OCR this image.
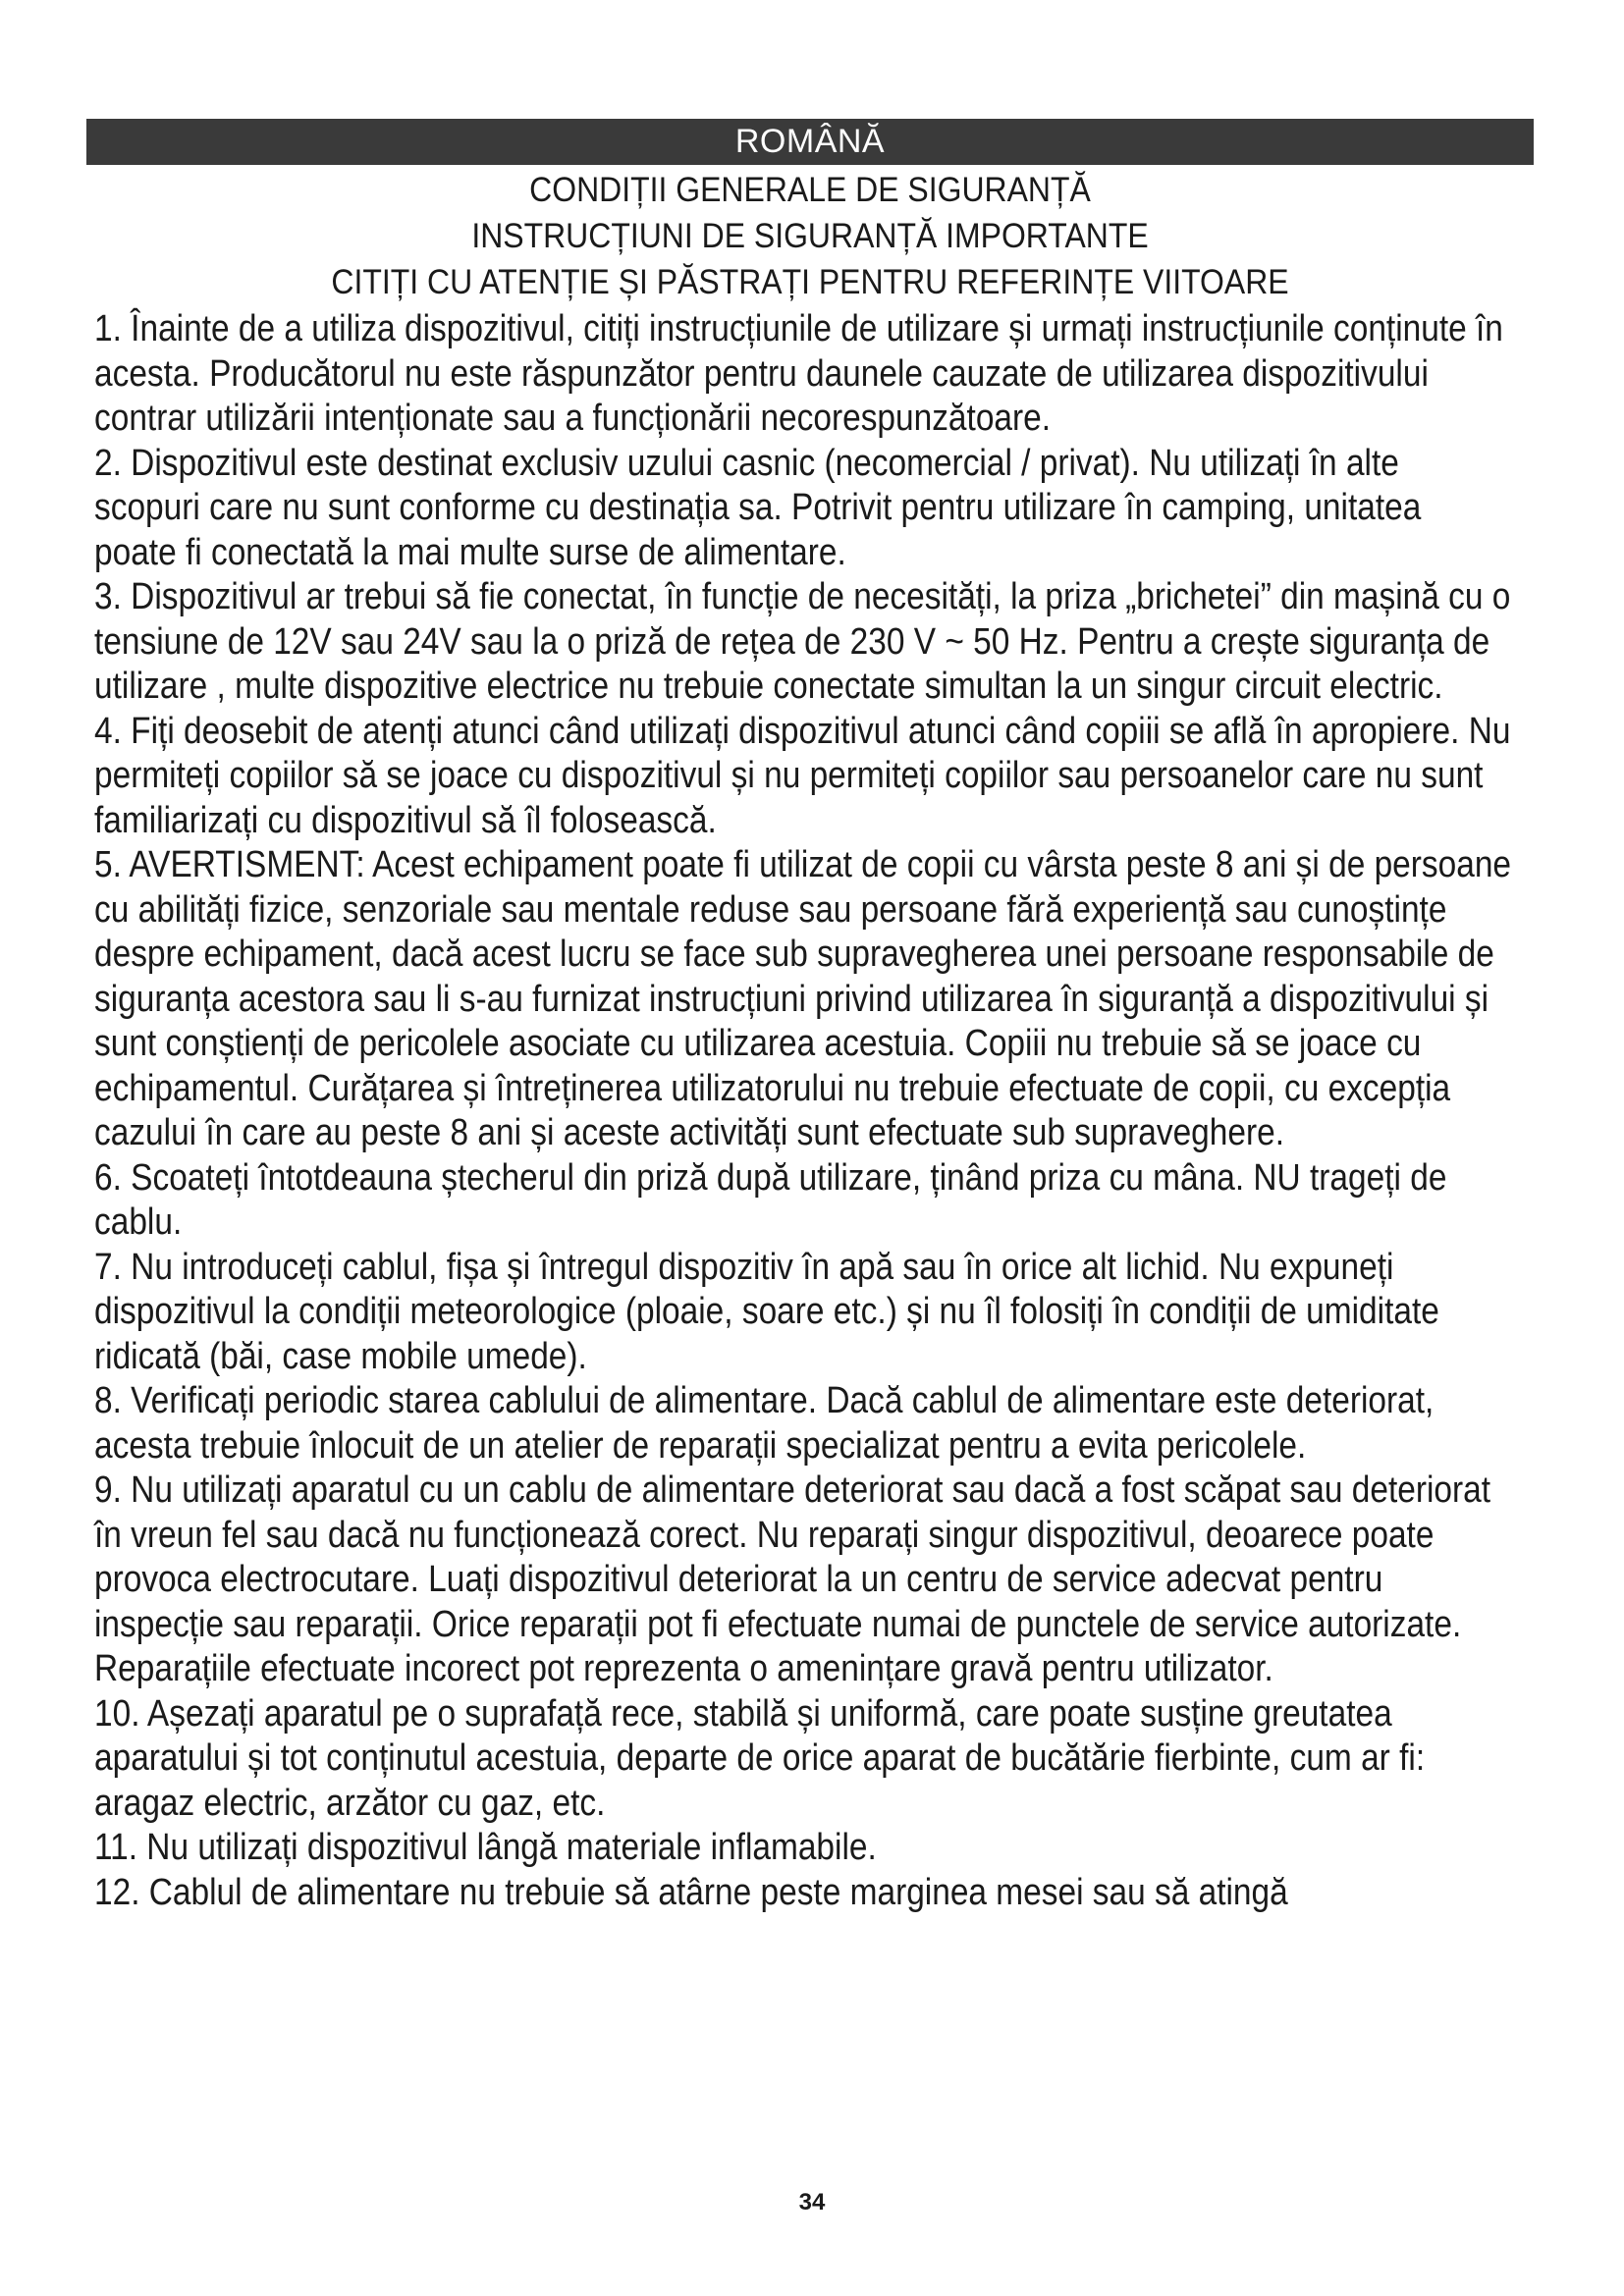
ROMÂNĂ
CONDIȚII GENERALE DE SIGURANȚĂ
INSTRUCȚIUNI DE SIGURANȚĂ IMPORTANTE
CITIȚI CU ATENȚIE ȘI PĂSTRAȚI PENTRU REFERINȚE VIITOARE

1. Înainte de a utiliza dispozitivul, citiți instrucțiunile de utilizare și urmați instrucțiunile conținute în acesta. Producătorul nu este răspunzător pentru daunele cauzate de utilizarea dispozitivului contrar utilizării intenționate sau a funcționării necorespunzătoare.

2. Dispozitivul este destinat exclusiv uzului casnic (necomercial / privat). Nu utilizați în alte scopuri care nu sunt conforme cu destinația sa. Potrivit pentru utilizare în camping, unitatea poate fi conectată la mai multe surse de alimentare.

3. Dispozitivul ar trebui să fie conectat, în funcție de necesități, la priza „brichetei” din mașină cu o tensiune de 12V sau 24V sau la o priză de rețea de 230 V ~ 50 Hz. Pentru a crește siguranța de utilizare , multe dispozitive electrice nu trebuie conectate simultan la un singur circuit electric.

4. Fiți deosebit de atenți atunci când utilizați dispozitivul atunci când copiii se află în apropiere. Nu permiteți copiilor să se joace cu dispozitivul și nu permiteți copiilor sau persoanelor care nu sunt familiarizați cu dispozitivul să îl folosească.

5. AVERTISMENT: Acest echipament poate fi utilizat de copii cu vârsta peste 8 ani și de persoane cu abilități fizice, senzoriale sau mentale reduse sau persoane fără experiență sau cunoștințe despre echipament, dacă acest lucru se face sub supravegherea unei persoane responsabile de siguranța acestora sau li s-au furnizat instrucțiuni privind utilizarea în siguranță a dispozitivului și sunt conștienți de pericolele asociate cu utilizarea acestuia. Copiii nu trebuie să se joace cu echipamentul. Curățarea și întreținerea utilizatorului nu trebuie efectuate de copii, cu excepția cazului în care au peste 8 ani și aceste activități sunt efectuate sub supraveghere.

6. Scoateți întotdeauna ștecherul din priză după utilizare, ținând priza cu mâna. NU trageți de cablu.

7. Nu introduceți cablul, fișa și întregul dispozitiv în apă sau în orice alt lichid. Nu expuneți dispozitivul la condiții meteorologice (ploaie, soare etc.) și nu îl folosiți în condiții de umiditate ridicată (băi, case mobile umede).

8. Verificați periodic starea cablului de alimentare. Dacă cablul de alimentare este deteriorat, acesta trebuie înlocuit de un atelier de reparații specializat pentru a evita pericolele.

9. Nu utilizați aparatul cu un cablu de alimentare deteriorat sau dacă a fost scăpat sau deteriorat în vreun fel sau dacă nu funcționează corect. Nu reparați singur dispozitivul, deoarece poate provoca electrocutare. Luați dispozitivul deteriorat la un centru de service adecvat pentru inspecție sau reparații. Orice reparații pot fi efectuate numai de punctele de service autorizate. Reparațiile efectuate incorect pot reprezenta o amenințare gravă pentru utilizator.

10. Așezați aparatul pe o suprafață rece, stabilă și uniformă, care poate susține greutatea aparatului și tot conținutul acestuia, departe de orice aparat de bucătărie fierbinte, cum ar fi: aragaz electric, arzător cu gaz, etc.

11. Nu utilizați dispozitivul lângă materiale inflamabile.

12. Cablul de alimentare nu trebuie să atârne peste marginea mesei sau să atingă

34
